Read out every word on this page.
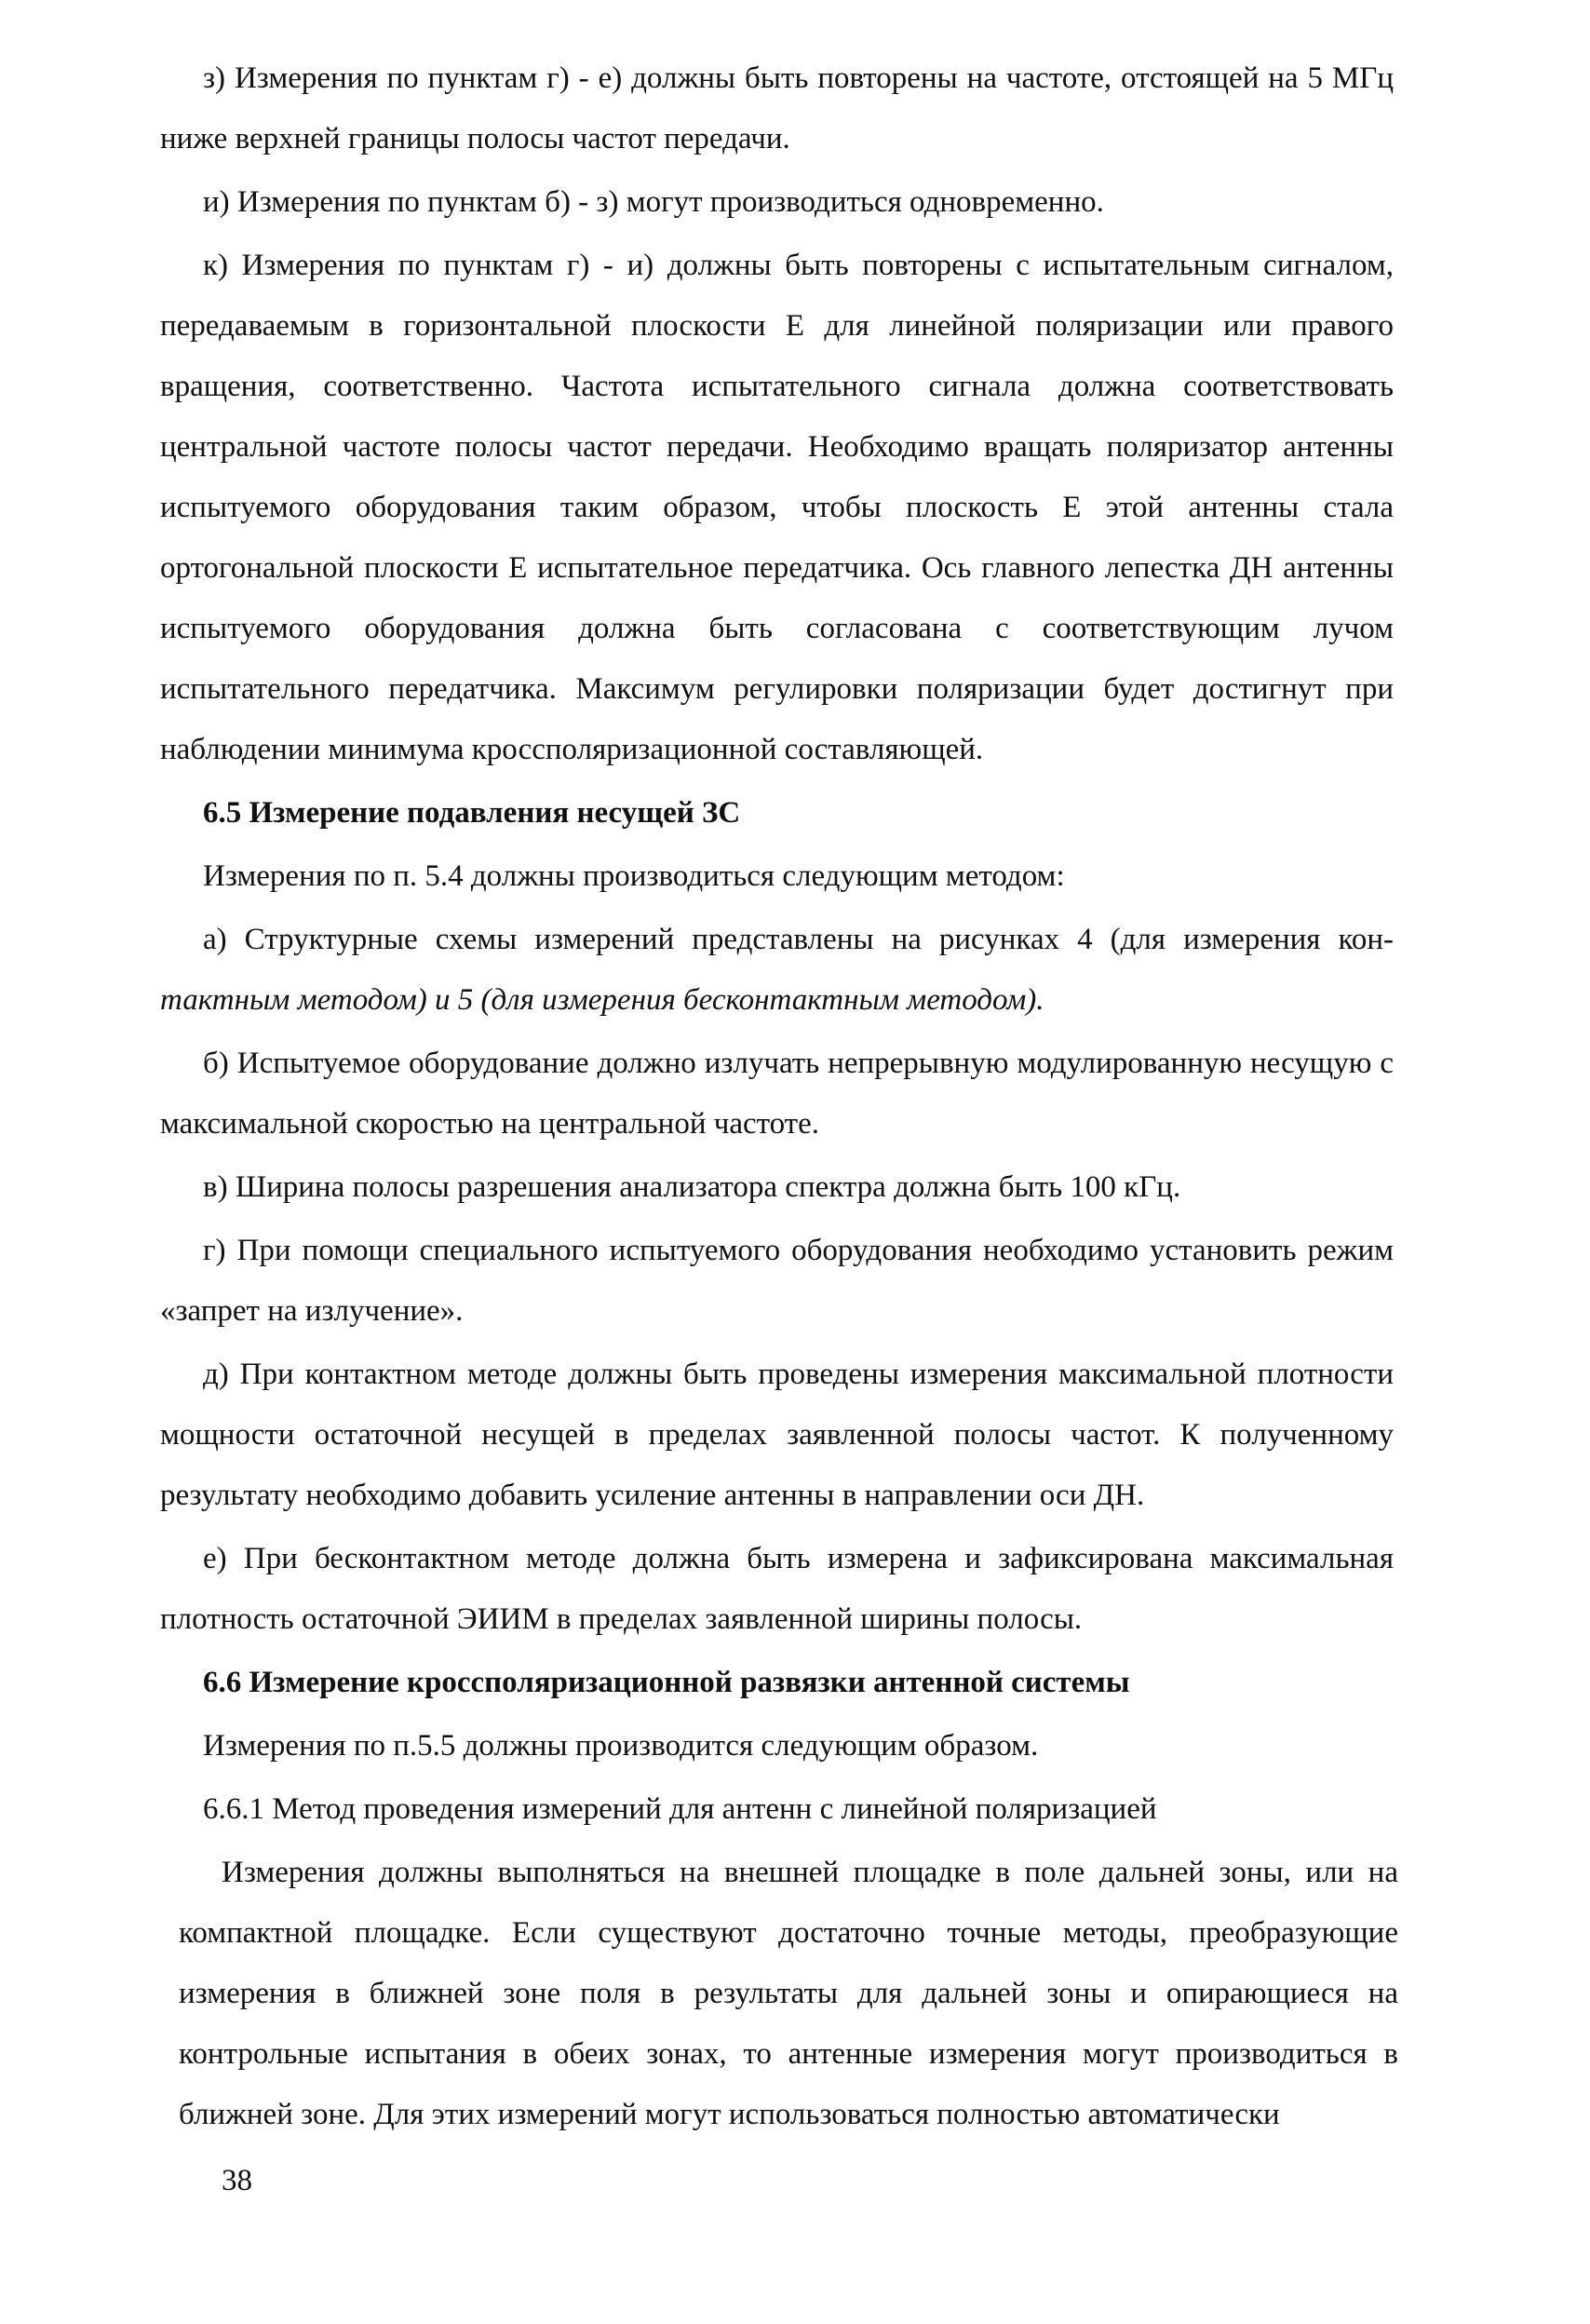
з) Измерения по пунктам г) - е) должны быть повторены на частоте, отстоящей на 5 МГц ниже верхней границы полосы частот передачи.

и) Измерения по пунктам б) - з) могут производиться одновременно.

к) Измерения по пунктам г) - и) должны быть повторены с испытательным сигналом, передаваемым в горизонтальной плоскости Е для линейной поляризации или правого вращения, соответственно. Частота испытательного сигнала должна соответствовать центральной частоте полосы частот передачи. Необходимо вращать поляризатор антенны испытуемого оборудования таким образом, чтобы плоскость Е этой антенны стала ортогональной плоскости Е испытательное передатчика. Ось главного лепестка ДН антенны испытуемого оборудования должна быть согласована с соответствующим лучом испытательного передатчика. Максимум регулировки поляризации будет достигнут при наблюдении минимума кроссполяризационной составляющей.

6.5 Измерение подавления несущей ЗС

Измерения по п. 5.4 должны производиться следующим методом:

а) Структурные схемы измерений представлены на рисунках 4 (для измерения кон-тактным методом) и 5 (для измерения бесконтактным методом).

б) Испытуемое оборудование должно излучать непрерывную модулированную несущую с максимальной скоростью на центральной частоте.

в) Ширина полосы разрешения анализатора спектра должна быть 100 кГц.

г) При помощи специального испытуемого оборудования необходимо установить режим «запрет на излучение».

д) При контактном методе должны быть проведены измерения максимальной плотности мощности остаточной несущей в пределах заявленной полосы частот. К полученному результату необходимо добавить усиление антенны в направлении оси ДН.

е) При бесконтактном методе должна быть измерена и зафиксирована максимальная плотность остаточной ЭИИМ в пределах заявленной ширины полосы.

6.6 Измерение кроссполяризационной развязки антенной системы

Измерения по п.5.5 должны производится следующим образом.

6.6.1 Метод проведения измерений для антенн с линейной поляризацией

Измерения должны выполняться на внешней площадке в поле дальней зоны, или на компактной площадке. Если существуют достаточно точные методы, преобразующие измерения в ближней зоне поля в результаты для дальней зоны и опирающиеся на контрольные испытания в обеих зонах, то антенные измерения могут производиться в ближней зоне. Для этих измерений могут использоваться полностью автоматически

38
